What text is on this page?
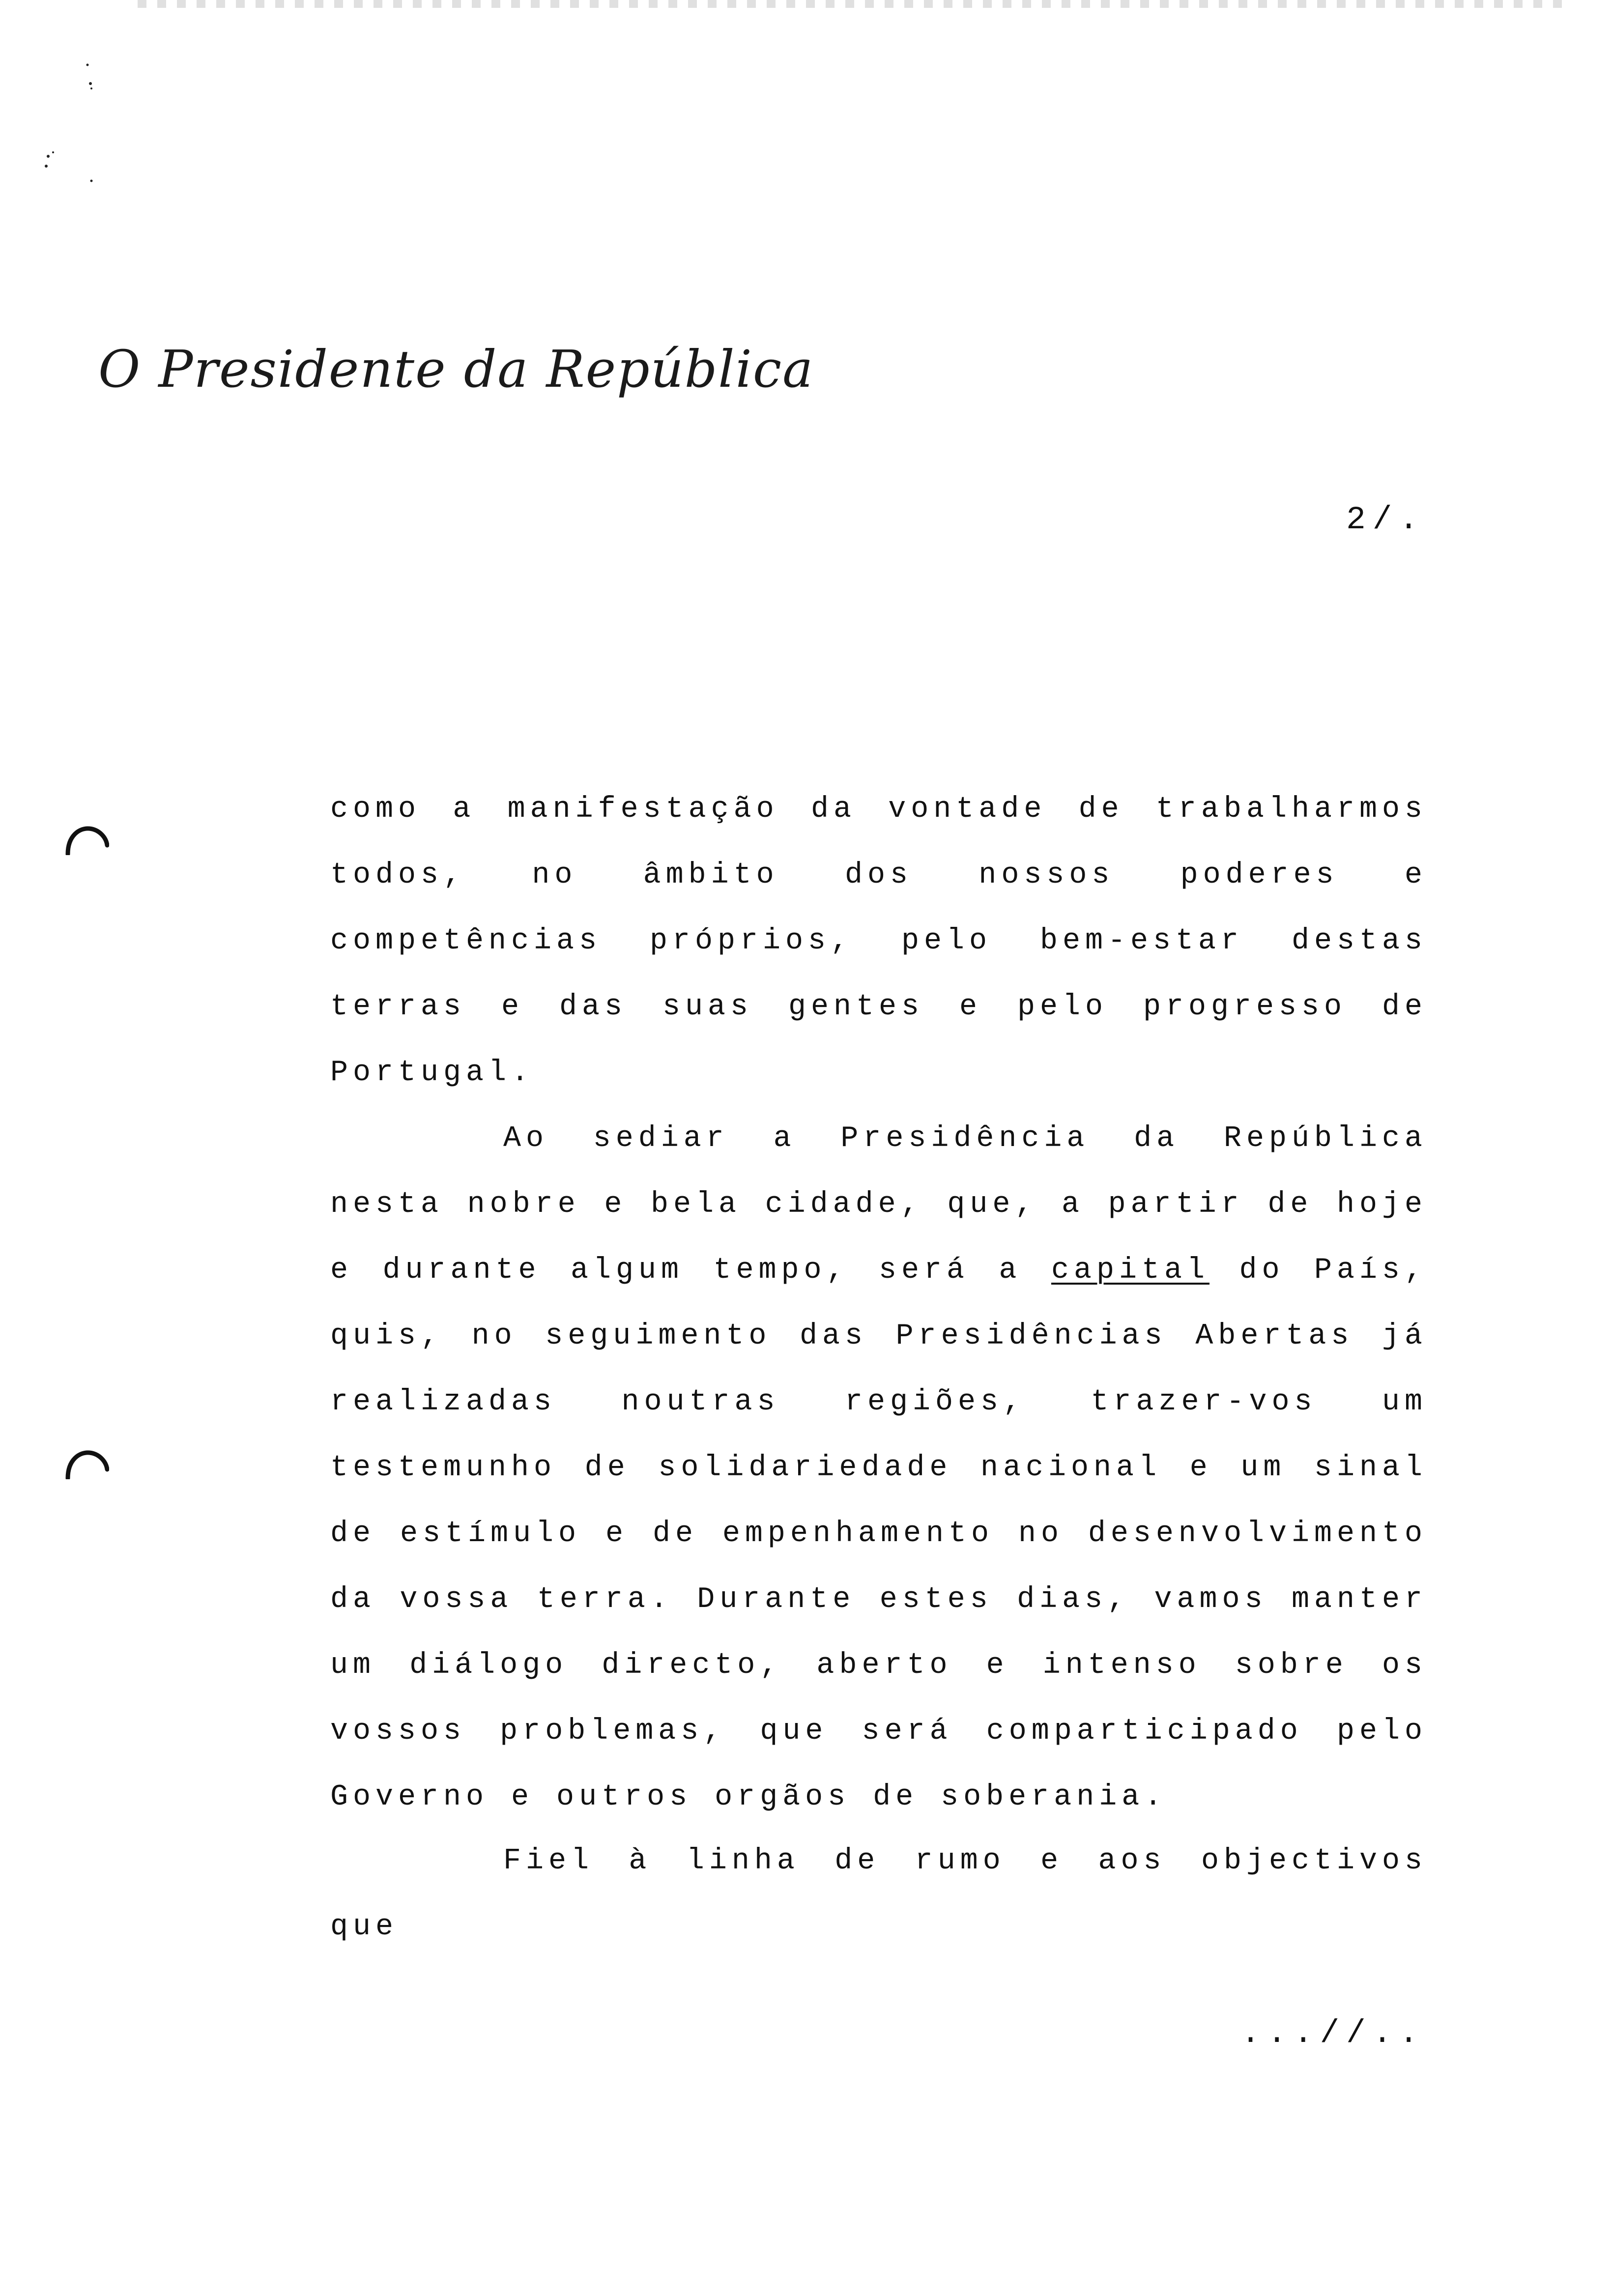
O Presidente da República
2/.

como a manifestação da vontade de trabalharmos todos, no âmbito dos nossos poderes e competências próprios, pelo bem-estar destas terras e das suas gentes e pelo progresso de Portugal.

Ao sediar a Presidência da República nesta nobre e bela cidade, que, a partir de hoje e durante algum tempo, será a capital do País, quis, no seguimento das Presidências Abertas já realizadas noutras regiões, trazer-vos um testemunho de solidariedade nacional e um sinal de estímulo e de empenhamento no desenvolvimento da vossa terra. Durante estes dias, vamos manter um diálogo directo, aberto e intenso sobre os vossos problemas, que será comparticipado pelo Governo e outros orgãos de soberania.

Fiel à linha de rumo e aos objectivos que

...//..
